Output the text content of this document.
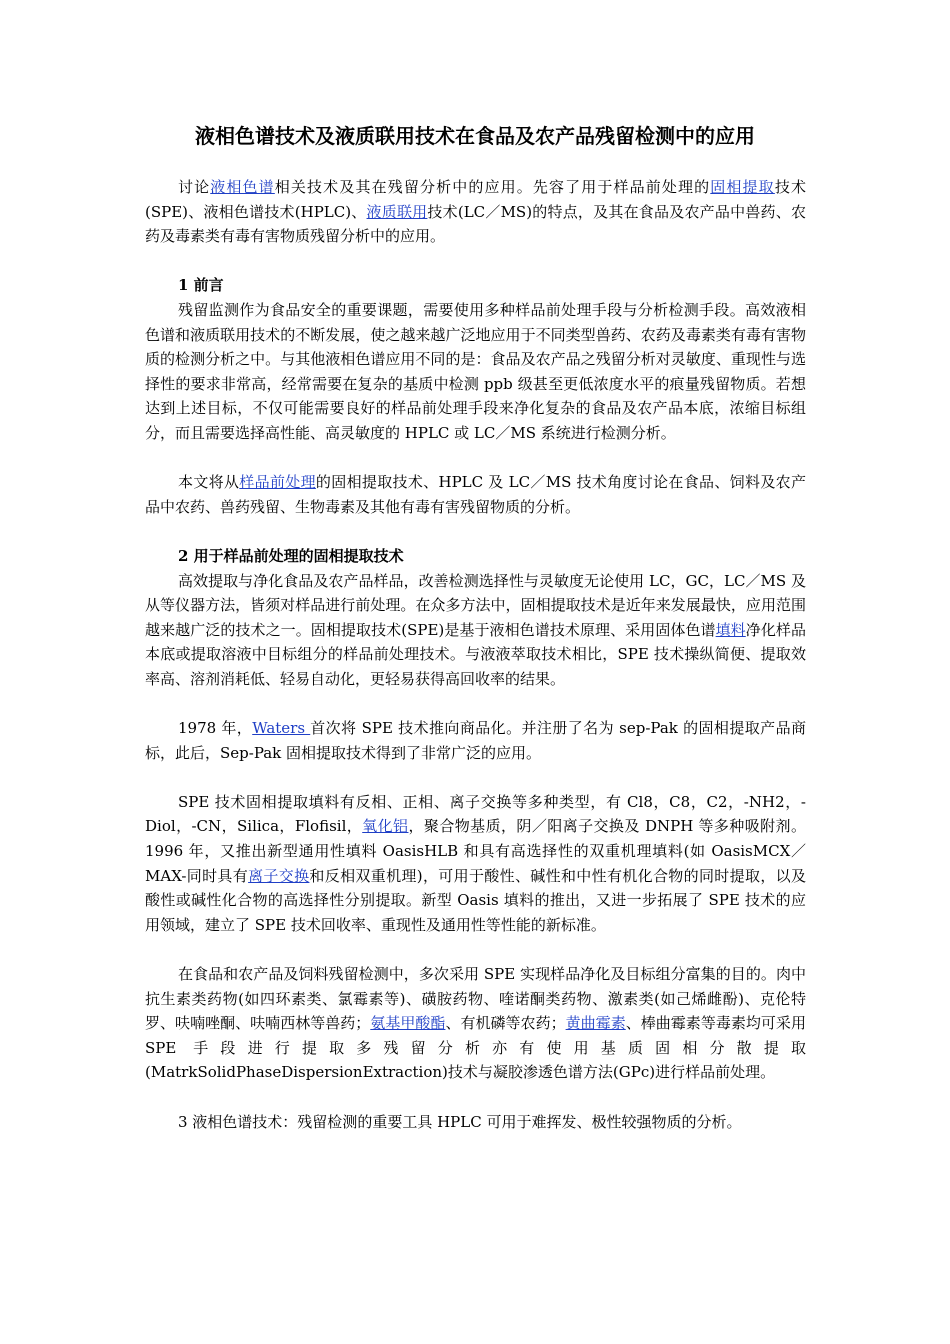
液相色谱技术及液质联用技术在食品及农产品残留检测中的应用

讨论液相色谱相关技术及其在残留分析中的应用。先容了用于样品前处理的固相提取技术(SPE)、液相色谱技术(HPLC)、液质联用技术(LC／MS)的特点，及其在食品及农产品中兽药、农药及毒素类有毒有害物质残留分析中的应用。

1 前言

残留监测作为食品安全的重要课题，需要使用多种样品前处理手段与分析检测手段。高效液相色谱和液质联用技术的不断发展，使之越来越广泛地应用于不同类型兽药、农药及毒素类有毒有害物质的检测分析之中。与其他液相色谱应用不同的是：食品及农产品之残留分析对灵敏度、重现性与选择性的要求非常高，经常需要在复杂的基质中检测 ppb 级甚至更低浓度水平的痕量残留物质。若想达到上述目标，不仅可能需要良好的样品前处理手段来净化复杂的食品及农产品本底，浓缩目标组分，而且需要选择高性能、高灵敏度的 HPLC 或 LC／MS 系统进行检测分析。

本文将从样品前处理的固相提取技术、HPLC 及 LC／MS 技术角度讨论在食品、饲料及农产品中农药、兽药残留、生物毒素及其他有毒有害残留物质的分析。

2 用于样品前处理的固相提取技术

高效提取与净化食品及农产品样品，改善检测选择性与灵敏度无论使用 LC，GC，LC／MS 及从等仪器方法，皆须对样品进行前处理。在众多方法中，固相提取技术是近年来发展最快，应用范围越来越广泛的技术之一。固相提取技术(SPE)是基于液相色谱技术原理、采用固体色谱填料净化样品本底或提取溶液中目标组分的样品前处理技术。与液液萃取技术相比，SPE 技术操纵简便、提取效率高、溶剂消耗低、轻易自动化，更轻易获得高回收率的结果。

1978 年，Waters 首次将 SPE 技术推向商品化。并注册了名为 sep-Pak 的固相提取产品商标，此后，Sep-Pak 固相提取技术得到了非常广泛的应用。

SPE 技术固相提取填料有反相、正相、离子交换等多种类型，有 Cl8，C8，C2，-NH2，-Diol，-CN，Silica，Flofisil，氧化铝，聚合物基质，阴／阳离子交换及 DNPH 等多种吸附剂。1996 年，又推出新型通用性填料 OasisHLB 和具有高选择性的双重机理填料(如 OasisMCX／MAX-同时具有离子交换和反相双重机理)，可用于酸性、碱性和中性有机化合物的同时提取，以及酸性或碱性化合物的高选择性分别提取。新型 Oasis 填料的推出，又进一步拓展了 SPE 技术的应用领域，建立了 SPE 技术回收率、重现性及通用性等性能的新标准。

在食品和农产品及饲料残留检测中，多次采用 SPE 实现样品净化及目标组分富集的目的。肉中抗生素类药物(如四环素类、氯霉素等)、磺胺药物、喹诺酮类药物、激素类(如己烯雌酚)、克伦特罗、呋喃唑酮、呋喃西林等兽药；氨基甲酸酯、有机磷等农药；黄曲霉素、棒曲霉素等毒素均可采用 SPE 手段进行提取多残留分析亦有使用基质固相分散提取(MatrkSolidPhaseDispersionExtraction)技术与凝胶渗透色谱方法(GPc)进行样品前处理。

3 液相色谱技术：残留检测的重要工具 HPLC 可用于难挥发、极性较强物质的分析。
